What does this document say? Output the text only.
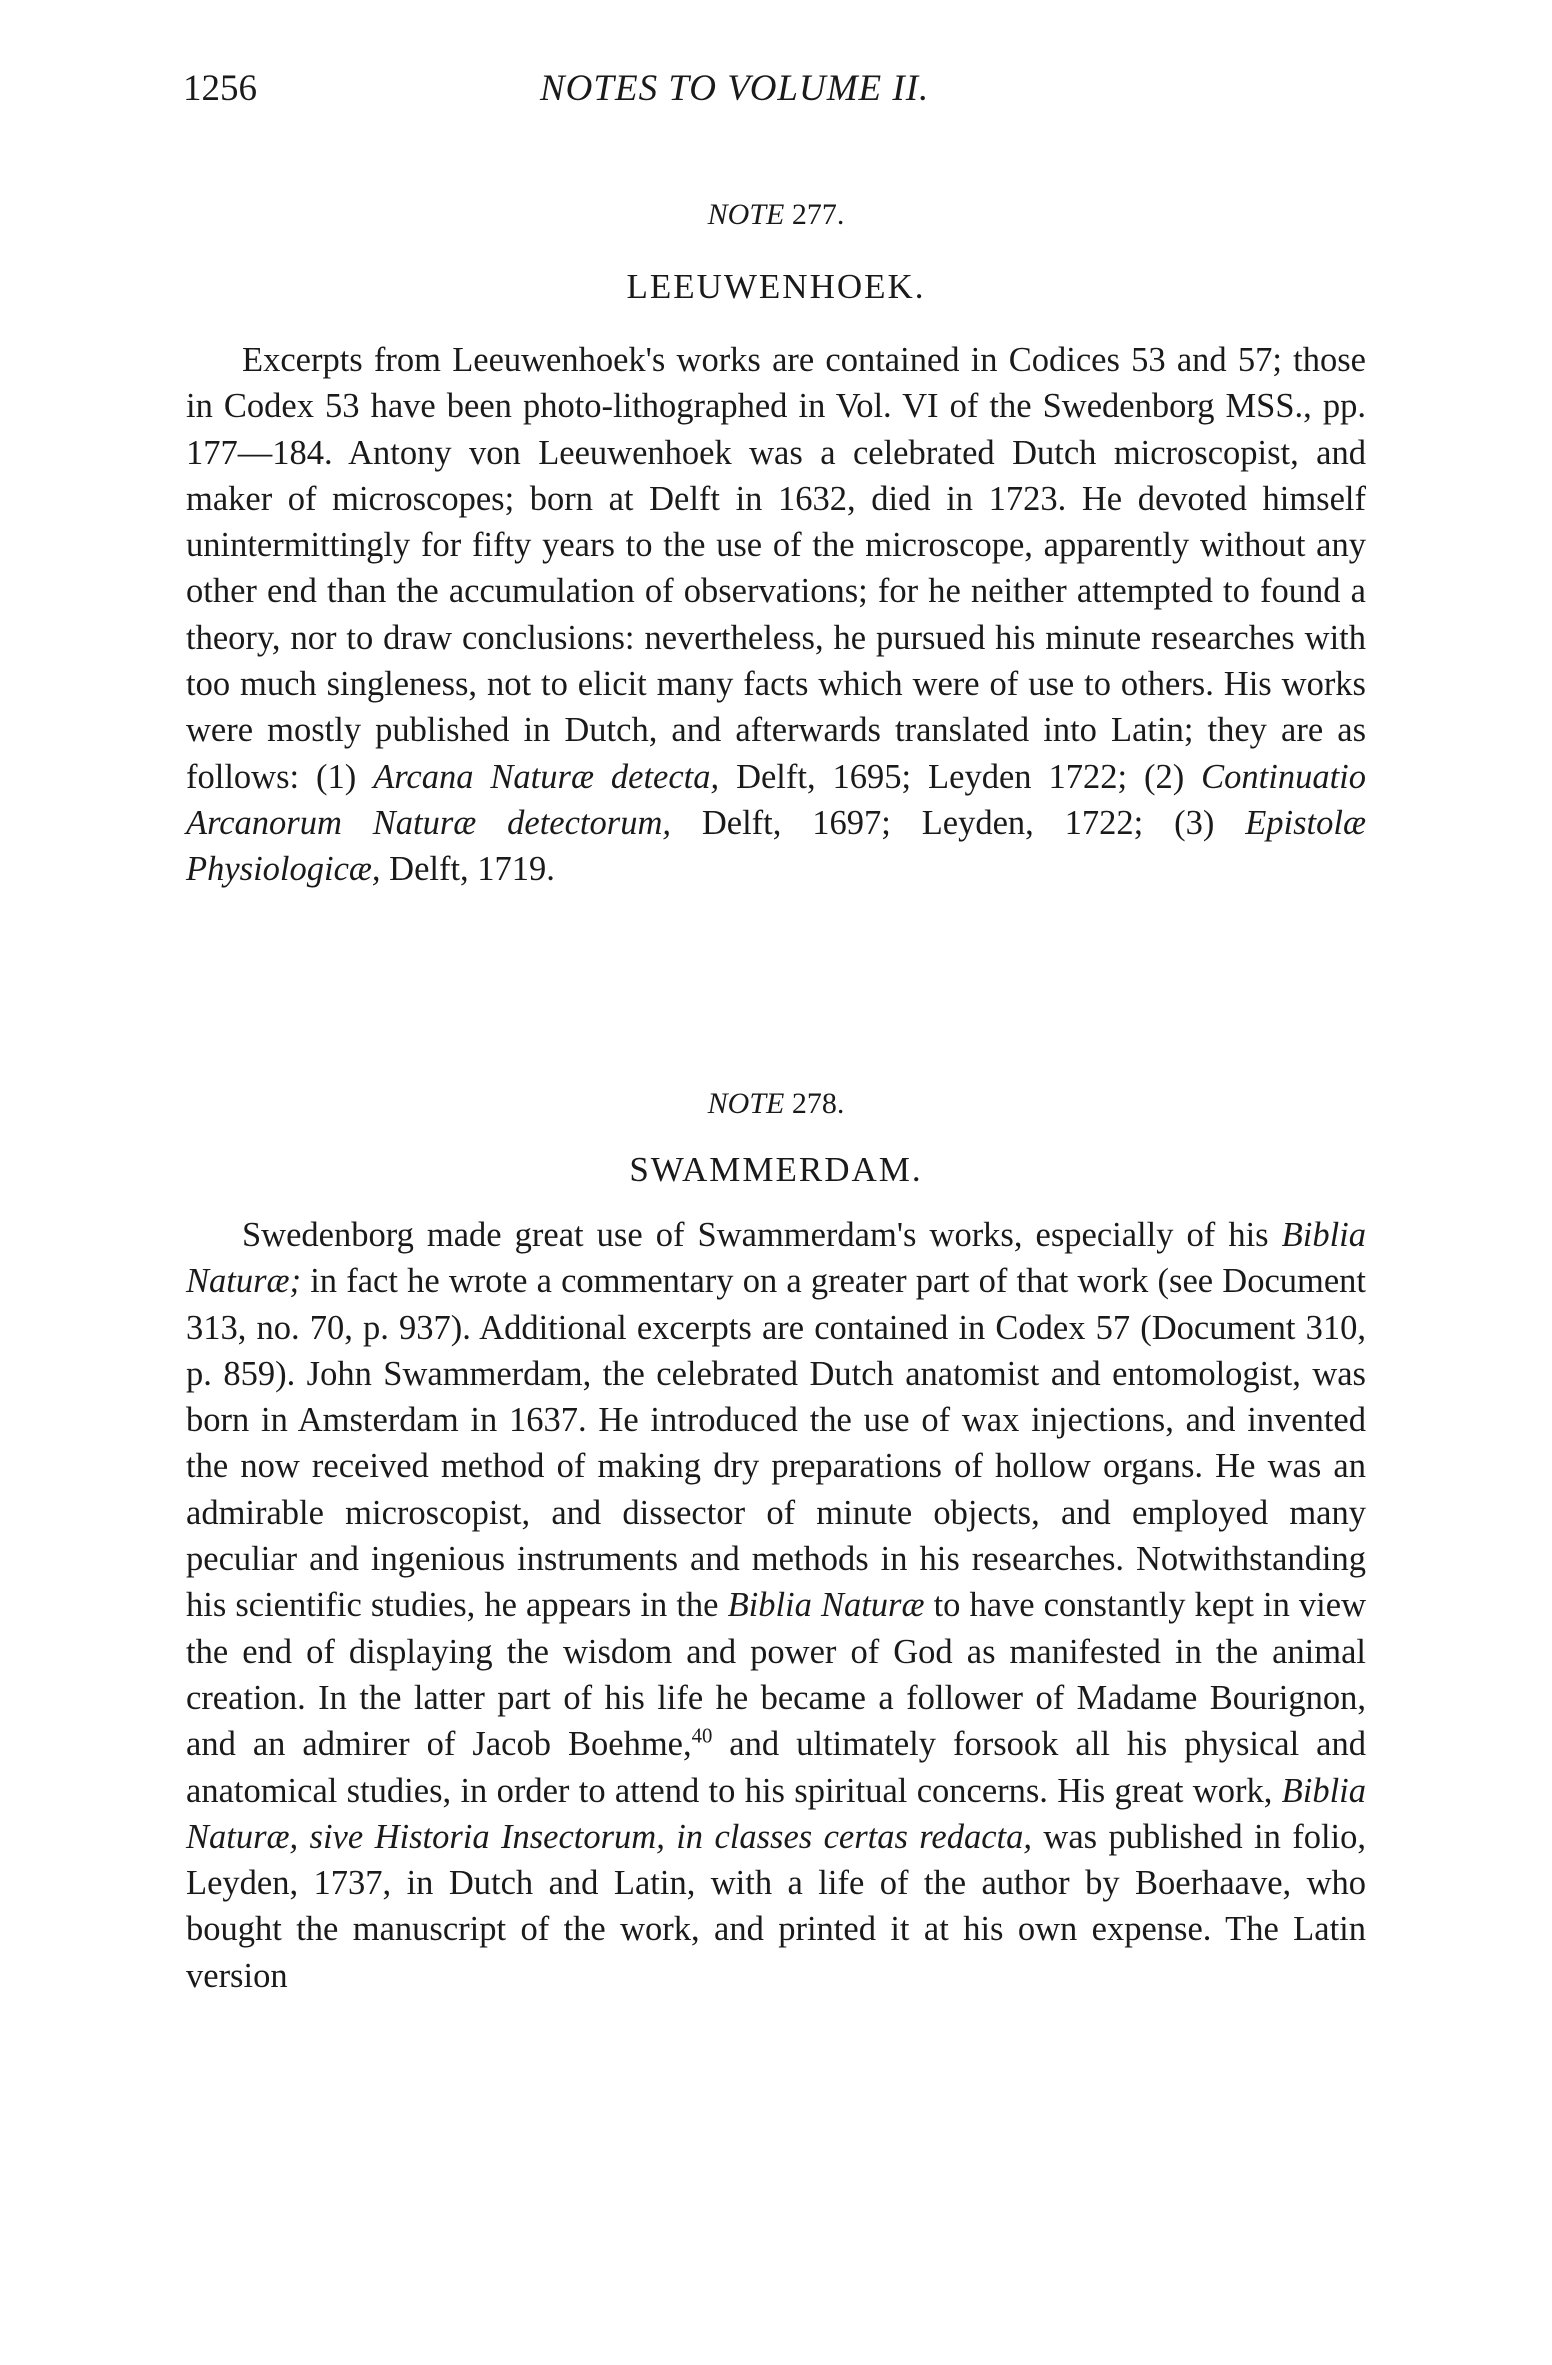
1256	NOTES TO VOLUME II.
NOTE 277.
LEEUWENHOEK.

Excerpts from Leeuwenhoek's works are contained in Codices 53 and 57; those in Codex 53 have been photo-lithographed in Vol. VI of the Swedenborg MSS., pp. 177—184. Antony von Leeuwenhoek was a celebrated Dutch microscopist, and maker of microscopes; born at Delft in 1632, died in 1723. He devoted himself unintermittingly for fifty years to the use of the microscope, apparently without any other end than the accumulation of observations; for he neither attempted to found a theory, nor to draw conclusions: nevertheless, he pursued his minute researches with too much singleness, not to elicit many facts which were of use to others. His works were mostly published in Dutch, and afterwards translated into Latin; they are as follows: (1) Arcana Naturæ detecta, Delft, 1695; Leyden 1722; (2) Continuatio Arcanorum Naturæ detectorum, Delft, 1697; Leyden, 1722; (3) Epistolæ Physiologicæ, Delft, 1719.

NOTE 278.
SWAMMERDAM.

Swedenborg made great use of Swammerdam's works, especially of his Biblia Naturæ; in fact he wrote a commentary on a greater part of that work (see Document 313, no. 70, p. 937). Additional excerpts are contained in Codex 57 (Document 310, p. 859). John Swammerdam, the celebrated Dutch anatomist and entomologist, was born in Amsterdam in 1637. He introduced the use of wax injections, and invented the now received method of making dry preparations of hollow organs. He was an admirable microscopist, and dissector of minute objects, and employed many peculiar and ingenious instruments and methods in his researches. Notwithstanding his scientific studies, he appears in the Biblia Naturæ to have constantly kept in view the end of displaying the wisdom and power of God as manifested in the animal creation. In the latter part of his life he became a follower of Madame Bourignon, and an admirer of Jacob Boehme,$^{40}$ and ultimately forsook all his physical and anatomical studies, in order to attend to his spiritual concerns. His great work, Biblia Naturæ, sive Historia Insectorum, in classes certas redacta, was published in folio, Leyden, 1737, in Dutch and Latin, with a life of the author by Boerhaave, who bought the manuscript of the work, and printed it at his own expense. The Latin version
